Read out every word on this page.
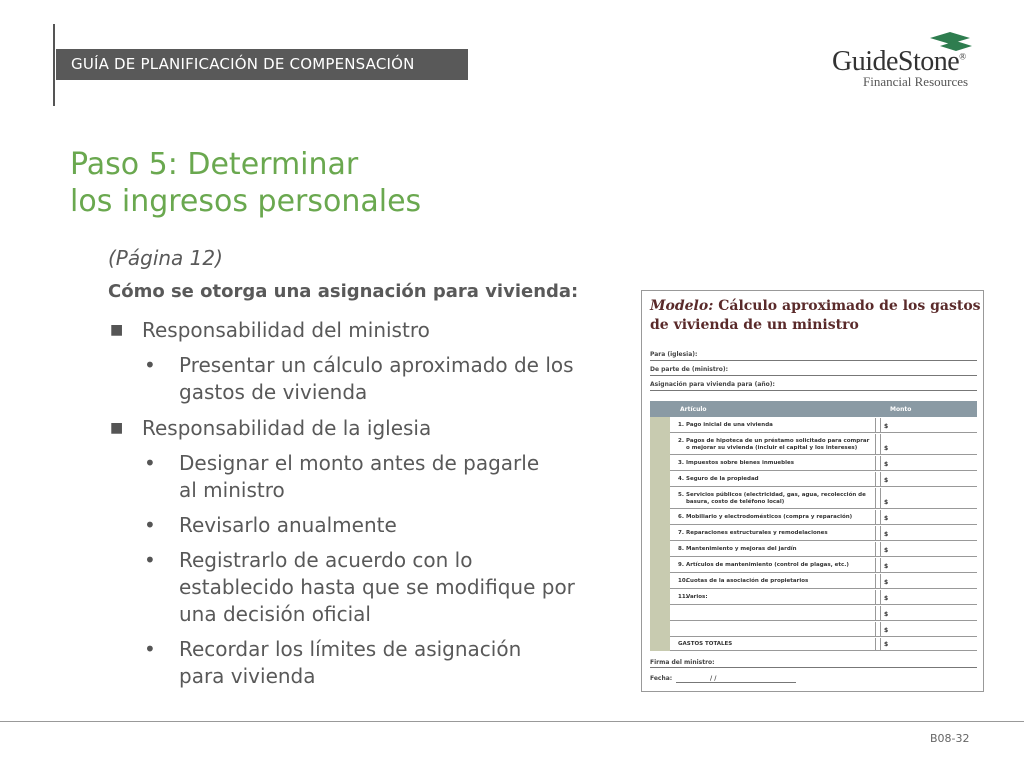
GUÍA DE PLANIFICACIÓN DE COMPENSACIÓN	GuideStone®
Financial Resources
Paso 5: Determinar
los ingresos personales
(Página 12)
Cómo se otorga una asignación para vivienda:
■ Responsabilidad del ministro
• Presentar un cálculo aproximado de los
gastos de vivienda
■ Responsabilidad de la iglesia
• Designar el monto antes de pagarle
al ministro
• Revisarlo anualmente
• Registrarlo de acuerdo con lo
establecido hasta que se modifique por
una decisión oficial
• Recordar los límites de asignación
para vivienda
Modelo: Cálculo aproximado de los gastos
de vivienda de un ministro
Para (iglesia):
De parte de (ministro):
Asignación para vivienda para (año):
Artículo	Monto
1. Pago inicial de una vivienda	$
2. Pagos de hipoteca de un préstamo solicitado para comprar
o mejorar su vivienda (incluir el capital y los intereses)	$
3. Impuestos sobre bienes inmuebles	$
4. Seguro de la propiedad	$
5. Servicios públicos (electricidad, gas, agua, recolección de
basura, costo de teléfono local)	$
6. Mobiliario y electrodomésticos (compra y reparación)	$
7. Reparaciones estructurales y remodelaciones	$
8. Mantenimiento y mejoras del jardín	$
9. Artículos de mantenimiento (control de plagas, etc.)	$
10.Cuotas de la asociación de propietarios	$
11.Varios:	$
$
$
GASTOS TOTALES	$
Firma del ministro:
Fecha:	/ /
B08-32
